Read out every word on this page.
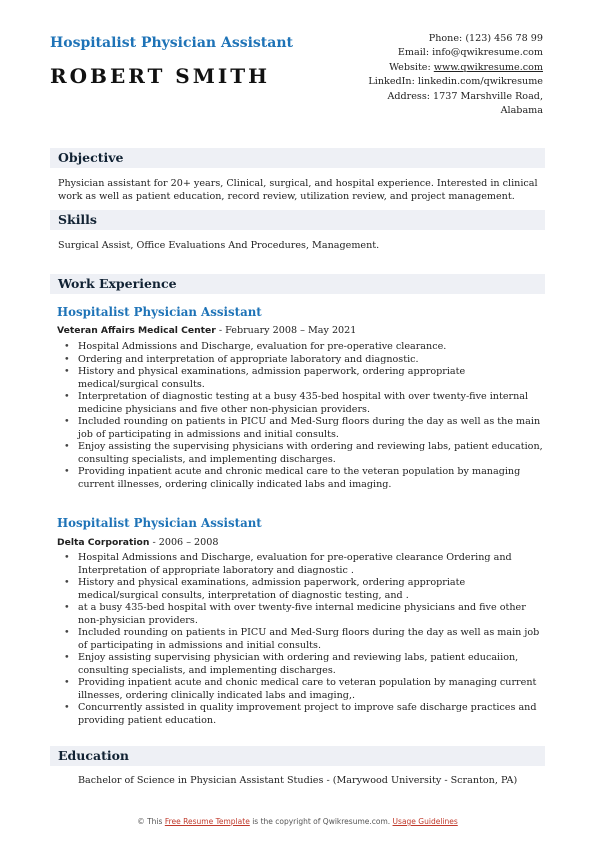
Hospitalist Physician Assistant
ROBERT SMITH
Phone: (123) 456 78 99
Email: info@qwikresume.com
Website: www.qwikresume.com
LinkedIn: linkedin.com/qwikresume
Address: 1737 Marshville Road,
Alabama
Objective
Physician assistant for 20+ years, Clinical, surgical, and hospital experience. Interested in clinical work as well as patient education, record review, utilization review, and project management.
Skills
Surgical Assist, Office Evaluations And Procedures, Management.
Work Experience
Hospitalist Physician Assistant
Veteran Affairs Medical Center - February 2008 – May 2021
• Hospital Admissions and Discharge, evaluation for pre-operative clearance.
• Ordering and interpretation of appropriate laboratory and diagnostic.
• History and physical examinations, admission paperwork, ordering appropriate medical/surgical consults.
• Interpretation of diagnostic testing at a busy 435-bed hospital with over twenty-five internal medicine physicians and five other non-physician providers.
• Included rounding on patients in PICU and Med-Surg floors during the day as well as the main job of participating in admissions and initial consults.
• Enjoy assisting the supervising physicians with ordering and reviewing labs, patient education, consulting specialists, and implementing discharges.
• Providing inpatient acute and chronic medical care to the veteran population by managing current illnesses, ordering clinically indicated labs and imaging.
Hospitalist Physician Assistant
Delta Corporation - 2006 – 2008
• Hospital Admissions and Discharge, evaluation for pre-operative clearance Ordering and Interpretation of appropriate laboratory and diagnostic .
• History and physical examinations, admission paperwork, ordering appropriate medical/surgical consults, interpretation of diagnostic testing, and .
• at a busy 435-bed hospital with over twenty-five internal medicine physicians and five other non-physician providers.
• Included rounding on patients in PICU and Med-Surg floors during the day as well as main job of participating in admissions and initial consults.
• Enjoy assisting supervising physician with ordering and reviewing labs, patient educaiion, consulting specialists, and implementing discharges.
• Providing inpatient acute and chonic medical care to veteran population by managing current illnesses, ordering clinically indicated labs and imaging,.
• Concurrently assisted in quality improvement project to improve safe discharge practices and providing patient education.
Education
Bachelor of Science in Physician Assistant Studies - (Marywood University - Scranton, PA)
© This Free Resume Template is the copyright of Qwikresume.com. Usage Guidelines
